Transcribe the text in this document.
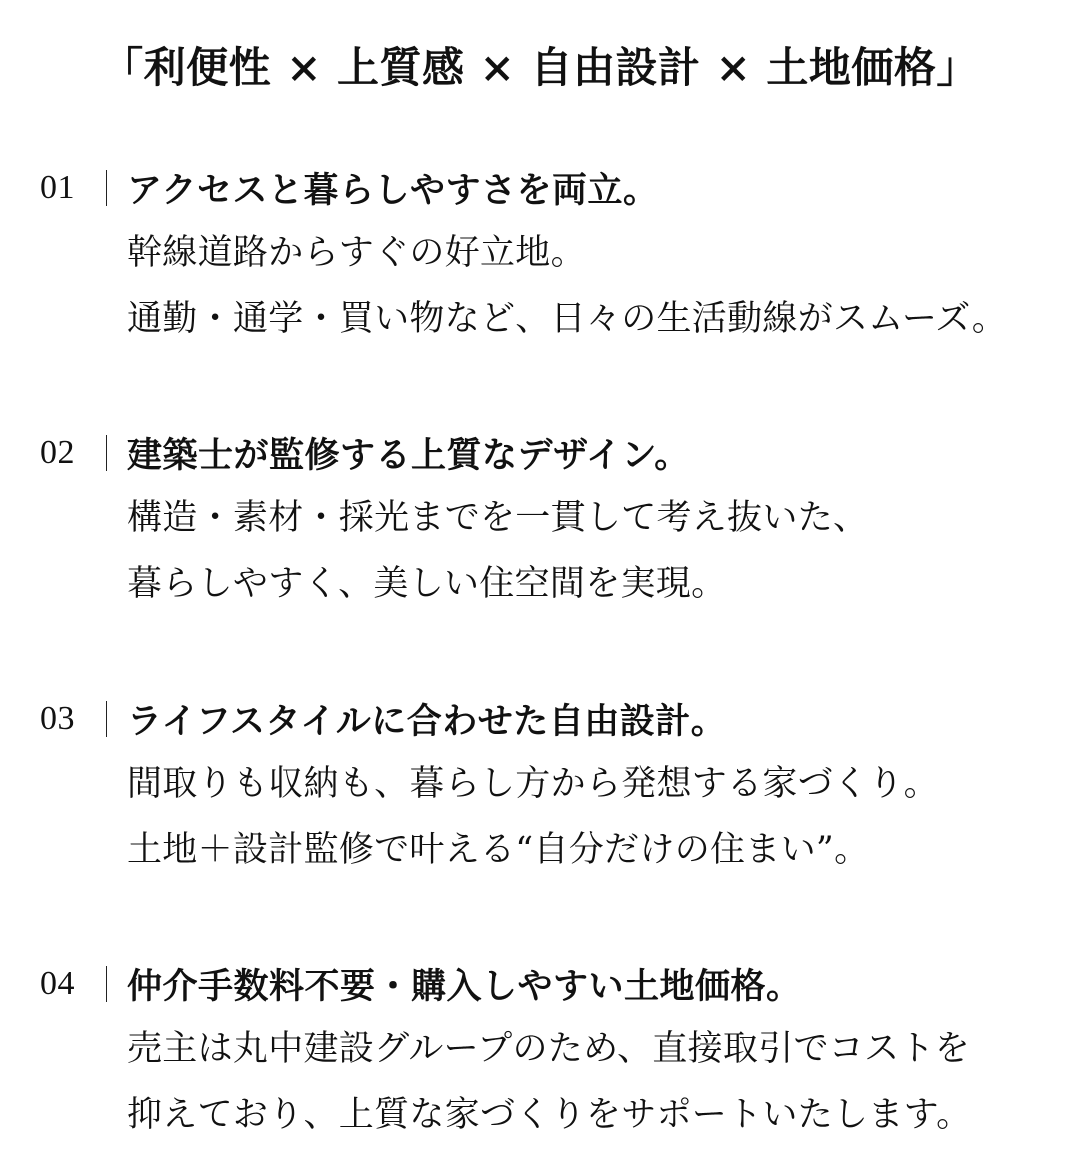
「利便性 × 上質感 × 自由設計 × 土地価格」
01	アクセスと暮らしやすさを両立。
幹線道路からすぐの好立地。
通勤・通学・買い物など、日々の生活動線がスムーズ。
02	建築士が監修する上質なデザイン。
構造・素材・採光までを一貫して考え抜いた、
暮らしやすく、美しい住空間を実現。
03	ライフスタイルに合わせた自由設計。
間取りも収納も、暮らし方から発想する家づくり。
土地＋設計監修で叶える“自分だけの住まい”。
04	仲介手数料不要・購入しやすい土地価格。
売主は丸中建設グループのため、直接取引でコストを
抑えており、上質な家づくりをサポートいたします。
